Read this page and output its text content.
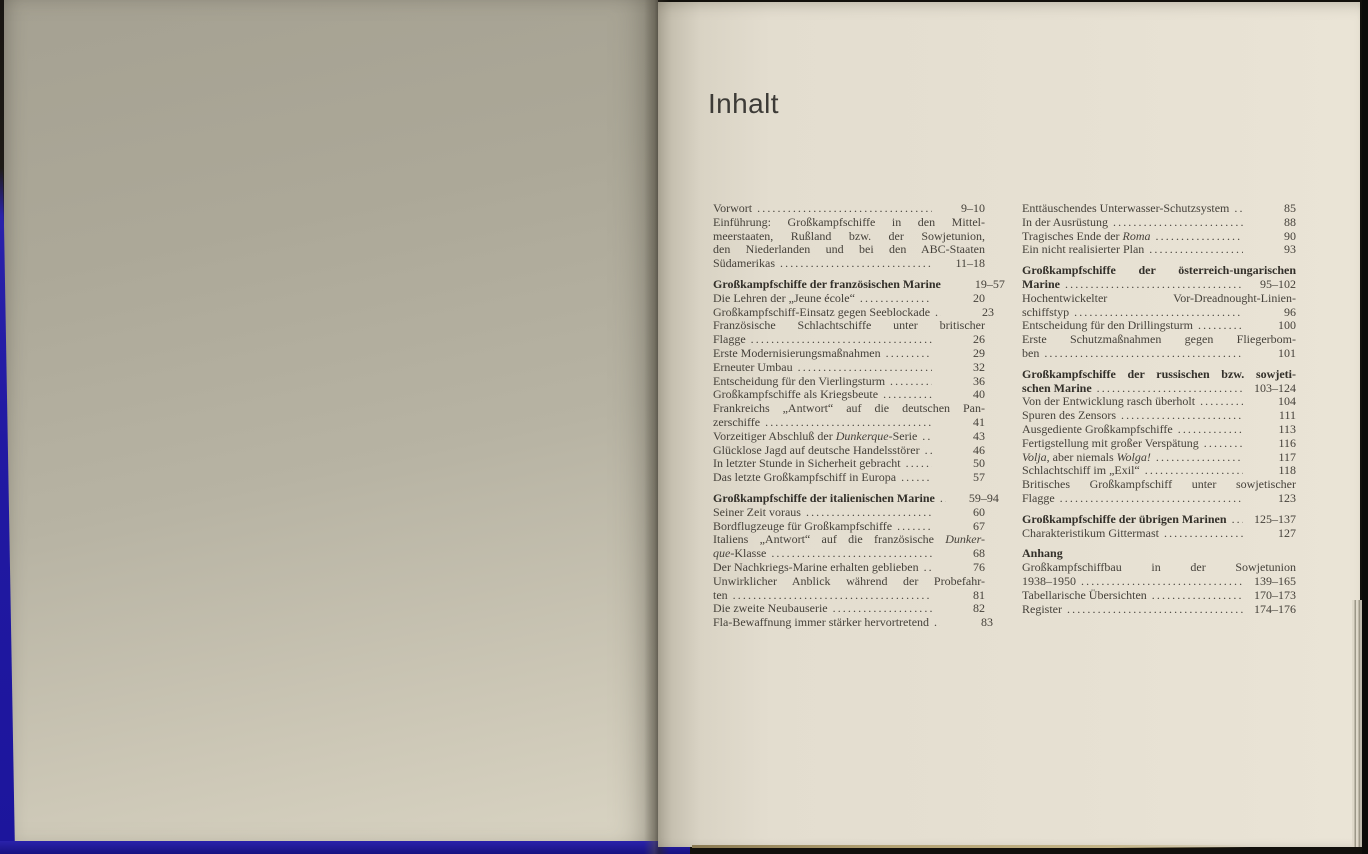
Inhalt
Vorwort .....	9–10
Einführung: Großkampfschiffe in den Mittel-
meerstaaten, Rußland bzw. der Sowjetunion,
den Niederlanden und bei den ABC-Staaten
Südamerikas .....	11–18
Großkampfschiffe der französischen Marine	19–57
Die Lehren der „Jeune école“ .....	20
Großkampfschiff-Einsatz gegen Seeblockade .....	23
Französische Schlachtschiffe unter britischer
Flagge .....	26
Erste Modernisierungsmaßnahmen .....	29
Erneuter Umbau .....	32
Entscheidung für den Vierlingsturm .....	36
Großkampfschiffe als Kriegsbeute .....	40
Frankreichs „Antwort“ auf die deutschen Pan-
zerschiffe .....	41
Vorzeitiger Abschluß der Dunkerque-Serie .....	43
Glücklose Jagd auf deutsche Handelsstörer .....	46
In letzter Stunde in Sicherheit gebracht .....	50
Das letzte Großkampfschiff in Europa .....	57
Großkampfschiffe der italienischen Marine .....	59–94
Seiner Zeit voraus .....	60
Bordflugzeuge für Großkampfschiffe .....	67
Italiens „Antwort“ auf die französische Dunker-
que-Klasse .....	68
Der Nachkriegs-Marine erhalten geblieben .....	76
Unwirklicher Anblick während der Probefahr-
ten .....	81
Die zweite Neubauserie .....	82
Fla-Bewaffnung immer stärker hervortretend .....	83
Enttäuschendes Unterwasser-Schutzsystem .....	85
In der Ausrüstung .....	88
Tragisches Ende der Roma .....	90
Ein nicht realisierter Plan .....	93
Großkampfschiffe der österreich-ungarischen
Marine .....	95–102
Hochentwickelter Vor-Dreadnought-Linien-
schiffstyp .....	96
Entscheidung für den Drillingsturm .....	100
Erste Schutzmaßnahmen gegen Fliegerbom-
ben .....	101
Großkampfschiffe der russischen bzw. sowjeti-
schen Marine .....	103–124
Von der Entwicklung rasch überholt .....	104
Spuren des Zensors .....	111
Ausgediente Großkampfschiffe .....	113
Fertigstellung mit großer Verspätung .....	116
Volja, aber niemals Wolga! .....	117
Schlachtschiff im „Exil“ .....	118
Britisches Großkampfschiff unter sowjetischer
Flagge .....	123
Großkampfschiffe der übrigen Marinen .....	125–137
Charakteristikum Gittermast .....	127
Anhang
Großkampfschiffbau in der Sowjetunion
1938–1950 .....	139–165
Tabellarische Übersichten .....	170–173
Register .....	174–176
